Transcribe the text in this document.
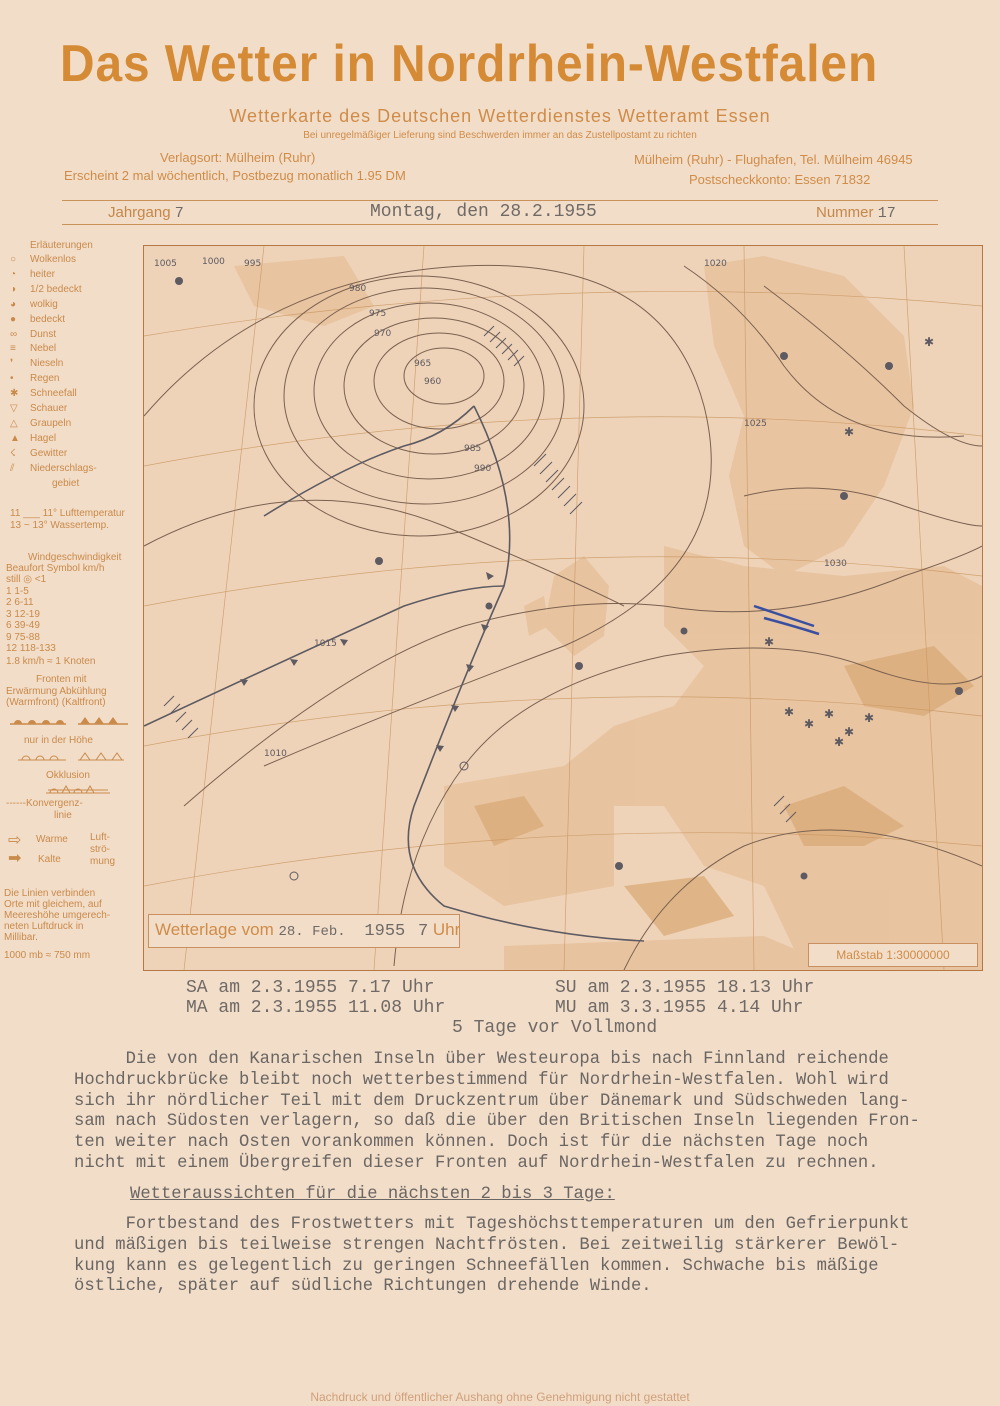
Das Wetter in Nordrhein-Westfalen
Wetterkarte des Deutschen Wetterdienstes Wetteramt Essen
Bei unregelmäßiger Lieferung sind Beschwerden immer an das Zustellpostamt zu richten
Verlagsort: Mülheim (Ruhr)
Erscheint 2 mal wöchentlich, Postbezug monatlich 1.95 DM
Mülheim (Ruhr) - Flughafen, Tel. Mülheim 46945
Postscheckkonto: Essen 71832
Jahrgang 7	Montag, den 28.2.1955	Nummer 17
Erläuterungen
○ Wolkenlos
◔ heiter
◑ 1/2 bedeckt
◕ wolkig
● bedeckt
∞ Dunst
≡ Nebel
❜ Nieseln
• Regen
✱ Schneefall
▽ Schauer
△ Graupeln
▲ Hagel
☇ Gewitter
⫽ Niederschlags-
gebiet
11 ___ 11° Lufttemperatur
13 ~ 13° Wassertemp.
Windgeschwindigkeit
Beaufort Symbol km/h
still ◎ <1
1 1-5
2 6-11
3 12-19
6 39-49
9 75-88
12 118-133
1.8 km/h ≈ 1 Knoten
Fronten mit
Erwärmung Abkühlung
(Warmfront) (Kaltfront)
nur in der Höhe
Okklusion
------Konvergenz-
linie
⇨ Warme
➡ Kalte
Luft-
strö-
mung
Die Linien verbinden
Orte mit gleichem, auf
Meereshöhe umgerech-
neten Luftdruck in
Millibar.
1000 mb ≈ 750 mm
✱
✱
✱
✱
✱
✱
✱
✱
✱
1005	1000 995
980
975
970
965
960
985
990
1010
1015
1020
1025
1030
Wetterlage vom 28. Feb. 1955 7 Uhr
Maßstab 1:30000000
SA am 2.3.1955 7.17 Uhr	SU am 2.3.1955 18.13 Uhr
MA am 2.3.1955 11.08 Uhr	MU am 3.3.1955 4.14 Uhr
5 Tage vor Vollmond
Die von den Kanarischen Inseln über Westeuropa bis nach Finnland reichende
Hochdruckbrücke bleibt noch wetterbestimmend für Nordrhein-Westfalen. Wohl wird
sich ihr nördlicher Teil mit dem Druckzentrum über Dänemark und Südschweden lang-
sam nach Südosten verlagern, so daß die über den Britischen Inseln liegenden Fron-
ten weiter nach Osten vorankommen können. Doch ist für die nächsten Tage noch
nicht mit einem Übergreifen dieser Fronten auf Nordrhein-Westfalen zu rechnen.
Wetteraussichten für die nächsten 2 bis 3 Tage:
Fortbestand des Frostwetters mit Tageshöchsttemperaturen um den Gefrierpunkt
und mäßigen bis teilweise strengen Nachtfrösten. Bei zeitweilig stärkerer Bewöl-
kung kann es gelegentlich zu geringen Schneefällen kommen. Schwache bis mäßige
östliche, später auf südliche Richtungen drehende Winde.
Nachdruck und öffentlicher Aushang ohne Genehmigung nicht gestattet
